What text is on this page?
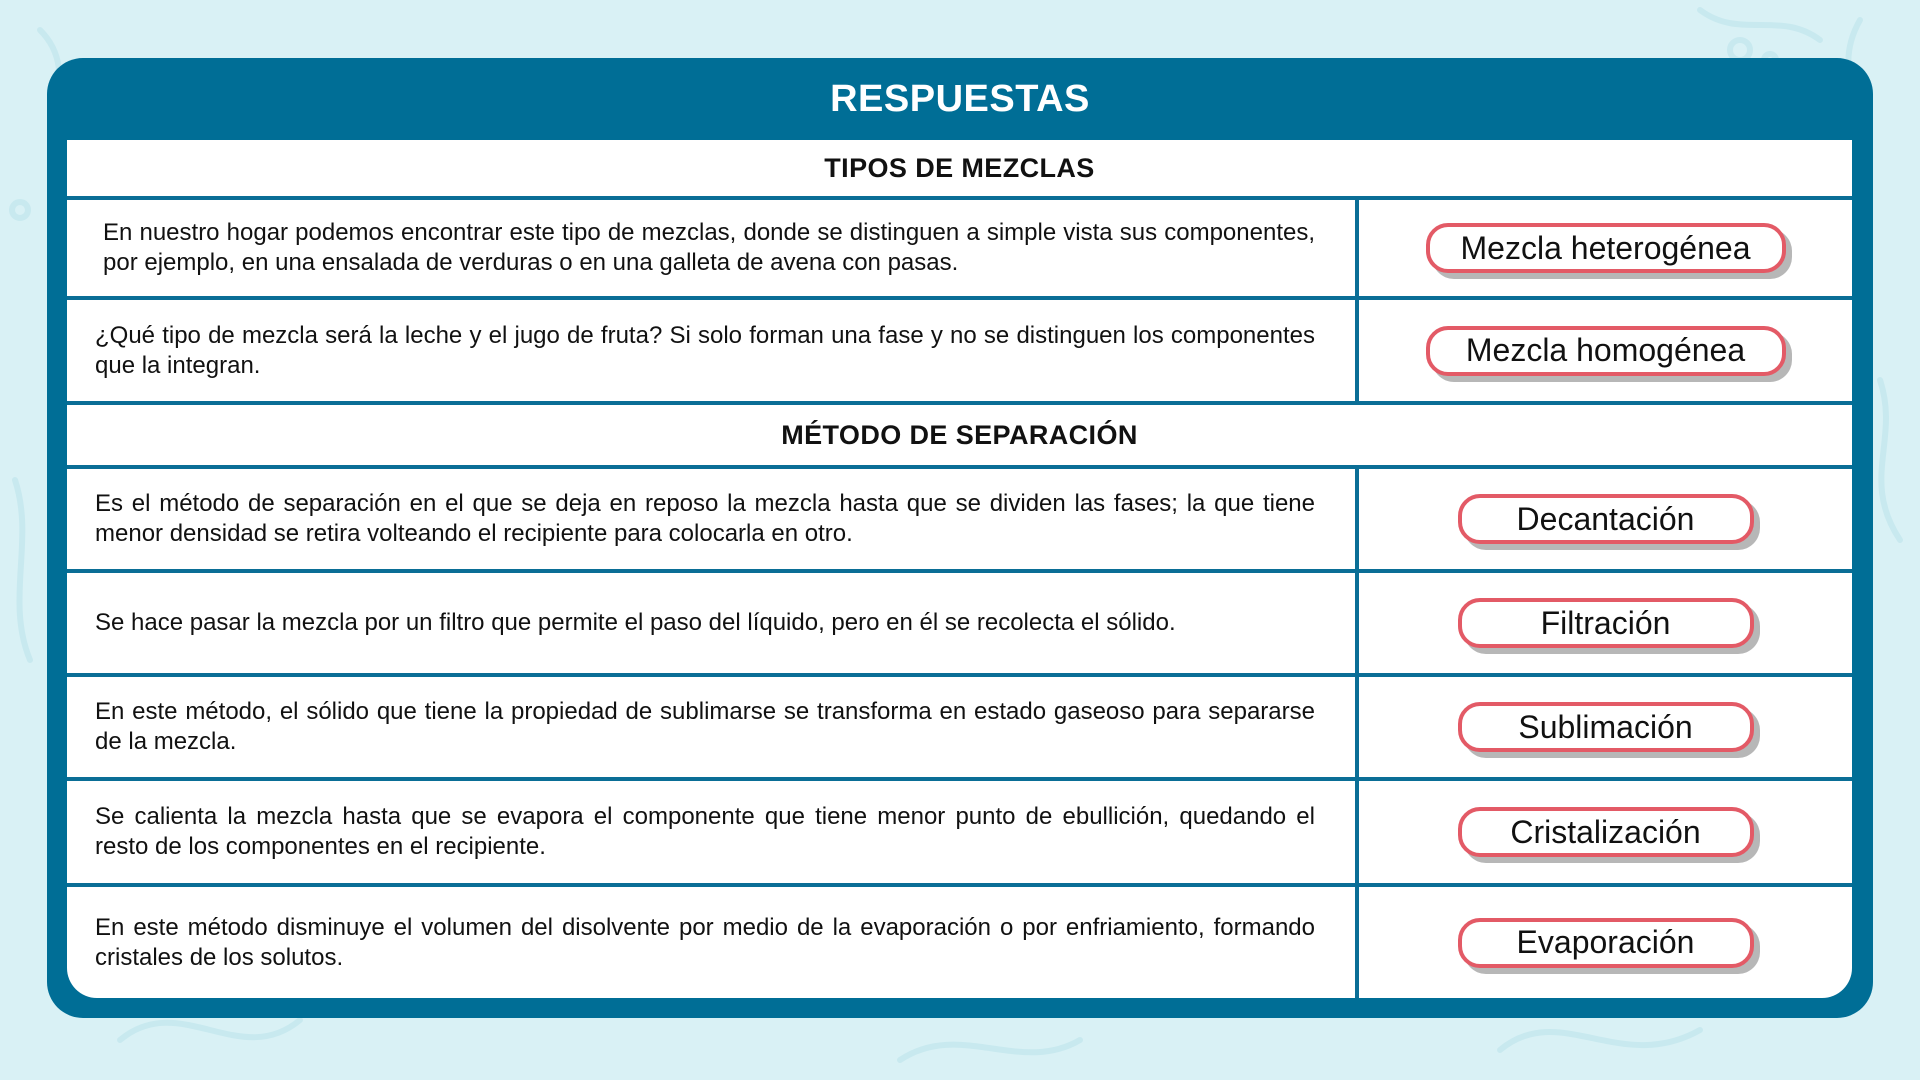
RESPUESTAS
TIPOS DE MEZCLAS
En nuestro hogar podemos encontrar este tipo de mezclas, donde se distinguen a simple vista sus componentes, por ejemplo, en una ensalada de verduras o en una galleta de avena con pasas.	Mezcla heterogénea
¿Qué tipo de mezcla será la leche y el jugo de fruta? Si solo forman una fase y no se distinguen los componentes que la integran.	Mezcla homogénea
MÉTODO DE SEPARACIÓN
Es el método de separación en el que se deja en reposo la mezcla hasta que se dividen las fases; la que tiene menor densidad se retira volteando el recipiente para colocarla en otro.	Decantación
Se hace pasar la mezcla por un filtro que permite el paso del líquido, pero en él se recolecta el sólido.	Filtración
En este método, el sólido que tiene la propiedad de sublimarse se transforma en estado gaseoso para separarse de la mezcla.	Sublimación
Se calienta la mezcla hasta que se evapora el componente que tiene menor punto de ebullición, quedando el resto de los componentes en el recipiente.	Cristalización
En este método disminuye el volumen del disolvente por medio de la evaporación o por enfriamiento, formando cristales de los solutos.	Evaporación
